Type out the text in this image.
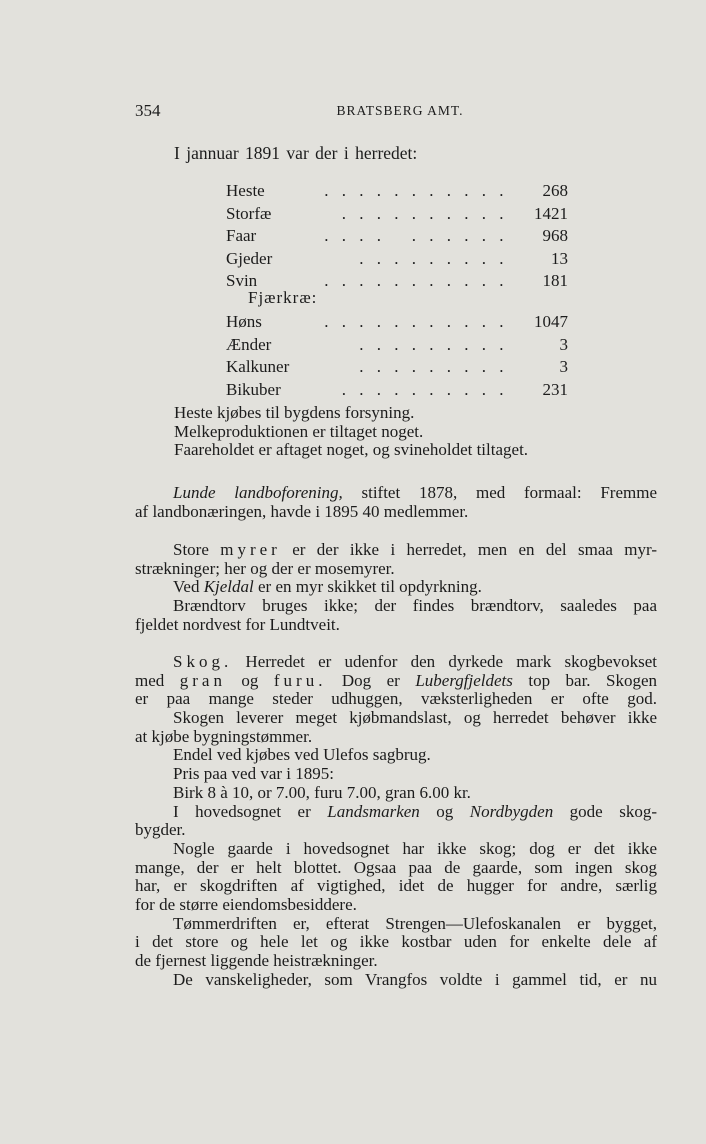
354	BRATSBERG AMT.
I jannuar 1891 var der i herredet:
Heste	. . . . . . . . . . . 268
Storfæ	. . . . . . . . . . 1421
Faar	. . . .   . . . . . . 968
Gjeder	. . . . . . . . .	13
Svin	. . . . . . . . . . . 181
Fjærkræ:
Høns	. . . . . . . . . . . 1047
Ænder	. . . . . . . . .	3
Kalkuner	. . . . . . . . .	3
Bikuber	. . . . . . . . . . 231
Heste kjøbes til bygdens forsyning.
Melkeproduktionen er tiltaget noget.
Faareholdet er aftaget noget, og svineholdet tiltaget.
Lunde landboforening, stiftet 1878, med formaal: Fremme
af landbonæringen, havde i 1895 40 medlemmer.
Store myrer er der ikke i herredet, men en del smaa myr-
strækninger; her og der er mosemyrer.
Ved Kjeldal er en myr skikket til opdyrkning.
Brændtorv bruges ikke; der findes brændtorv, saaledes paa
fjeldet nordvest for Lundtveit.
Skog. Herredet er udenfor den dyrkede mark skogbevokset
med gran og furu. Dog er Lubergfjeldets top bar. Skogen
er paa mange steder udhuggen, væksterligheden er ofte god.
Skogen leverer meget kjøbmandslast, og herredet behøver ikke
at kjøbe bygningstømmer.
Endel ved kjøbes ved Ulefos sagbrug.
Pris paa ved var i 1895:
Birk 8 à 10, or 7.00, furu 7.00, gran 6.00 kr.
I hovedsognet er Landsmarken og Nordbygden gode skog-
bygder.
Nogle gaarde i hovedsognet har ikke skog; dog er det ikke
mange, der er helt blottet. Ogsaa paa de gaarde, som ingen skog
har, er skogdriften af vigtighed, idet de hugger for andre, særlig
for de større eiendomsbesiddere.
Tømmerdriften er, efterat Strengen—Ulefoskanalen er bygget,
i det store og hele let og ikke kostbar uden for enkelte dele af
de fjernest liggende heistrækninger.
De vanskeligheder, som Vrangfos voldte i gammel tid, er nu
